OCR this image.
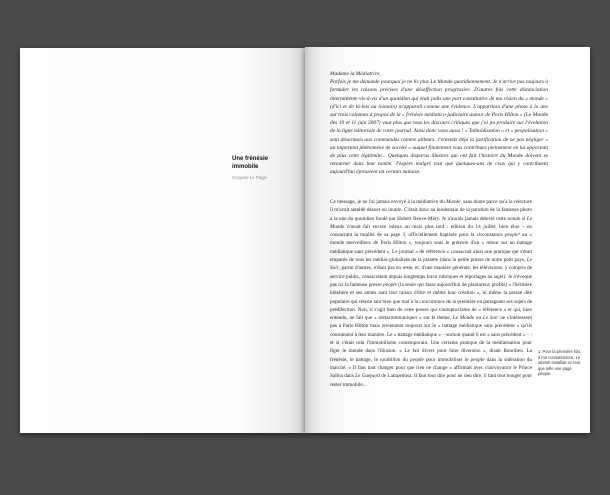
Une frénésie immobile
Grégoire Le Paige
Madame la Médiatrice,
Parfois je me demande pourquoi je ne lis plus Le Monde quotidiennement. Je n'arrive pas toujours à formuler les raisons précises d'une désaffection progressive. D'autres fois cette distanciation intermittente vis-à-vis d'un quotidien qui était jadis une part constitutive de ma vision du « monde » (d'ici et de là-bas au lointain) m'apparaît comme une évidence. L'apparition d'une photo à la une sur trois colonnes à propos de la « frénésie médiatico-judiciaire autour de Paris Hilton » (Le Monde des 10 et 11 juin 2007) vaut plus que tous les discours critiques que j'ai pu produire sur l'évolution de la ligne éditoriale de votre journal. Ainsi donc vous aussi ! « Tabloïdisation » et « peopolisation » sont désormais aux commandes comme ailleurs. J'entends déjà la justification de ne pas négliger « un important phénomène de société » auquel finalement vous contribuez pleinement en lui apportant de plus cette légitimité... Quelques disparus illustres qui ont fait l'histoire du Monde doivent se retourner dans leur tombe. J'espère malgré tout que quelques-uns de ceux qui y contribuent aujourd'hui éprouvent un certain malaise.
Ce message, je ne l'ai jamais envoyé à la médiatrice du Monde, sans doute parce qu'à la relecture il m'avait semblé désuet ou inutile. C'était donc au lendemain de la parution de la fameuse photo à la une du quotidien fondé par Hubert Beuve-Méry. Je n'aurais jamais détecté cette notule si Le Monde n'avait fait encore mieux un mois plus tard : édition du 14 juillet, bien élue – en consacrant la totalité de sa page 3, officiellement baptisée pour la circonstance people¹ au « monde merveilleux de Paris Hilton », toujours sous le prétexte d'un « retour sur un battage médiatique sans précédent ». Le journal « de référence » consacrait ainsi une pratique qui s'était emparée de tous les médias globalisés de la planète (dans la petite presse de notre petit pays, Le Soir, parmi d'autres, n'était pas en reste, et, d'une manière générale, les télévisions, y compris de service public, consacraient depuis longtemps force rubriques et reportages au sujet). Je n'évoque pas ici la fameuse presse people (la seule qui fasse aujourd'hui de plantureux profits) « l'héritière hôtelière et ses amies sont leur raison d'être et même leur création », ni même la presse dite populaire qui résiste tant bien que mal à la concurrence de la première en partageant ses sujets de prédilection. Non, il s'agit bien de cette presse qui s'autoproclame de « référence » et qui, bien entendu, ne fait que « métacommuniquer » sur le thème. Le Monde ou Le Soir ne s'intéressent pas à Paris Hilton mais reviennent toujours sur le « battage médiatique sans précédent » qu'ils couronnent à leur manière. Le « battage médiatique » – surtout quand il est « sans précédent » – : et si c'était cela l'immobilisme contemporain. Une certaine pratique de la médiatisation pour figer le monde dans l'illusion. « Le fait divers pour faire diversion », disait Bourdieu. La frénésie, le battage, le tourbillon du people pour immobiliser le people dans la sidération du marché. « Il faut tout changer pour que rien ne change » affirmait avec clairvoyance le Prince Salina dans Le Guépard de Lampedusa. Il faut tout dire pour ne rien dire, il faut tout bouger pour rester immobile...
1. Pour la première fois, à ma connaissance, Le Monde installait en tant que telle une page people.
